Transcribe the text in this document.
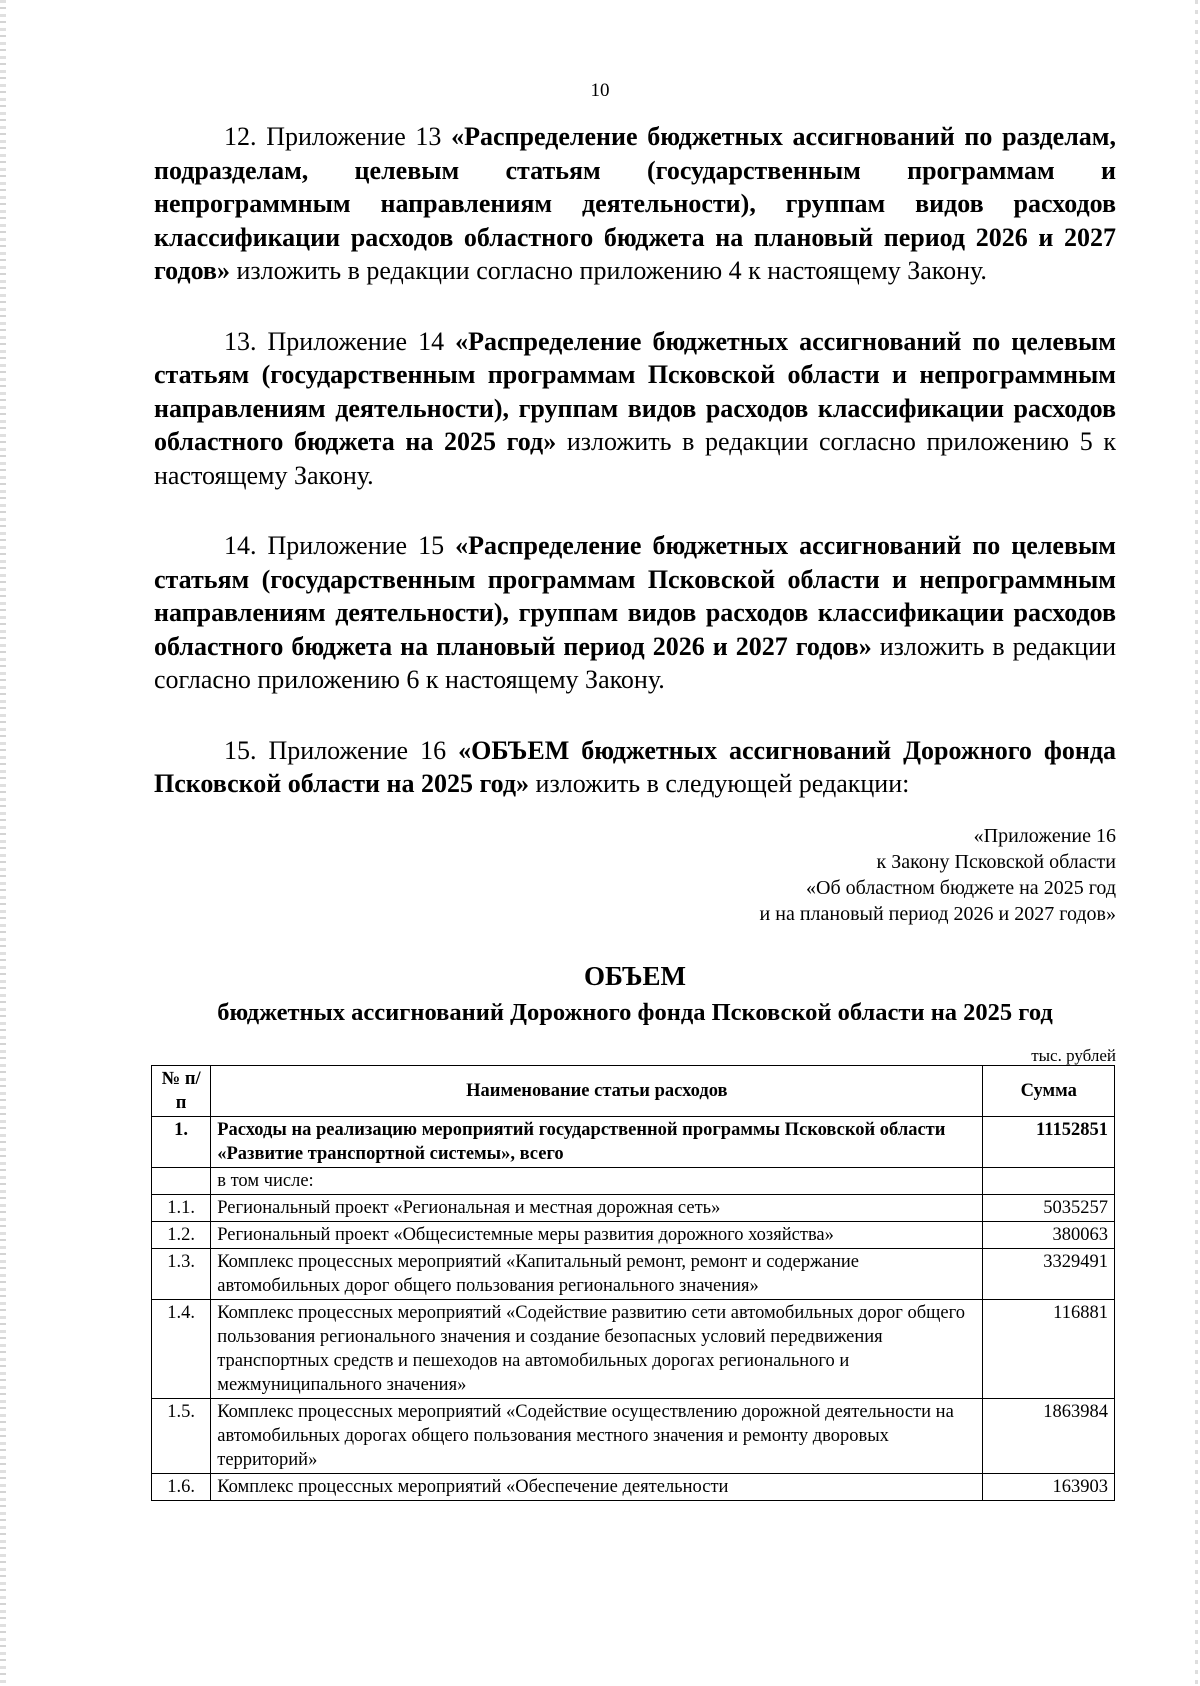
10

12. Приложение 13 «Распределение бюджетных ассигнований по разделам, подразделам, целевым статьям (государственным программам и непрограммным направлениям деятельности), группам видов расходов классификации расходов областного бюджета на плановый период 2026 и 2027 годов» изложить в редакции согласно приложению 4 к настоящему Закону.

13. Приложение 14 «Распределение бюджетных ассигнований по целевым статьям (государственным программам Псковской области и непрограммным направлениям деятельности), группам видов расходов классификации расходов областного бюджета на 2025 год» изложить в редакции согласно приложению 5 к настоящему Закону.

14. Приложение 15 «Распределение бюджетных ассигнований по целевым статьям (государственным программам Псковской области и непрограммным направлениям деятельности), группам видов расходов классификации расходов областного бюджета на плановый период 2026 и 2027 годов» изложить в редакции согласно приложению 6 к настоящему Закону.

15. Приложение 16 «ОБЪЕМ бюджетных ассигнований Дорожного фонда Псковской области на 2025 год» изложить в следующей редакции:

«Приложение 16
к Закону Псковской области
«Об областном бюджете на 2025 год
и на плановый период 2026 и 2027 годов»
ОБЪЕМ
бюджетных ассигнований Дорожного фонда Псковской области на 2025 год
тыс. рублей
№ п/п	Наименование статьи расходов	Сумма
1.	Расходы на реализацию мероприятий государственной программы Псковской области «Развитие транспортной системы», всего	11152851
	в том числе:	
1.1.	Региональный проект «Региональная и местная дорожная сеть»	5035257
1.2.	Региональный проект «Общесистемные меры развития дорожного хозяйства»	380063
1.3.	Комплекс процессных мероприятий «Капитальный ремонт, ремонт и содержание автомобильных дорог общего пользования регионального значения»	3329491
1.4.	Комплекс процессных мероприятий «Содействие развитию сети автомобильных дорог общего пользования регионального значения и создание безопасных условий передвижения транспортных средств и пешеходов на автомобильных дорогах регионального и межмуниципального значения»	116881
1.5.	Комплекс процессных мероприятий «Содействие осуществлению дорожной деятельности на автомобильных дорогах общего пользования местного значения и ремонту дворовых территорий»	1863984
1.6.	Комплекс процессных мероприятий «Обеспечение деятельности	163903
